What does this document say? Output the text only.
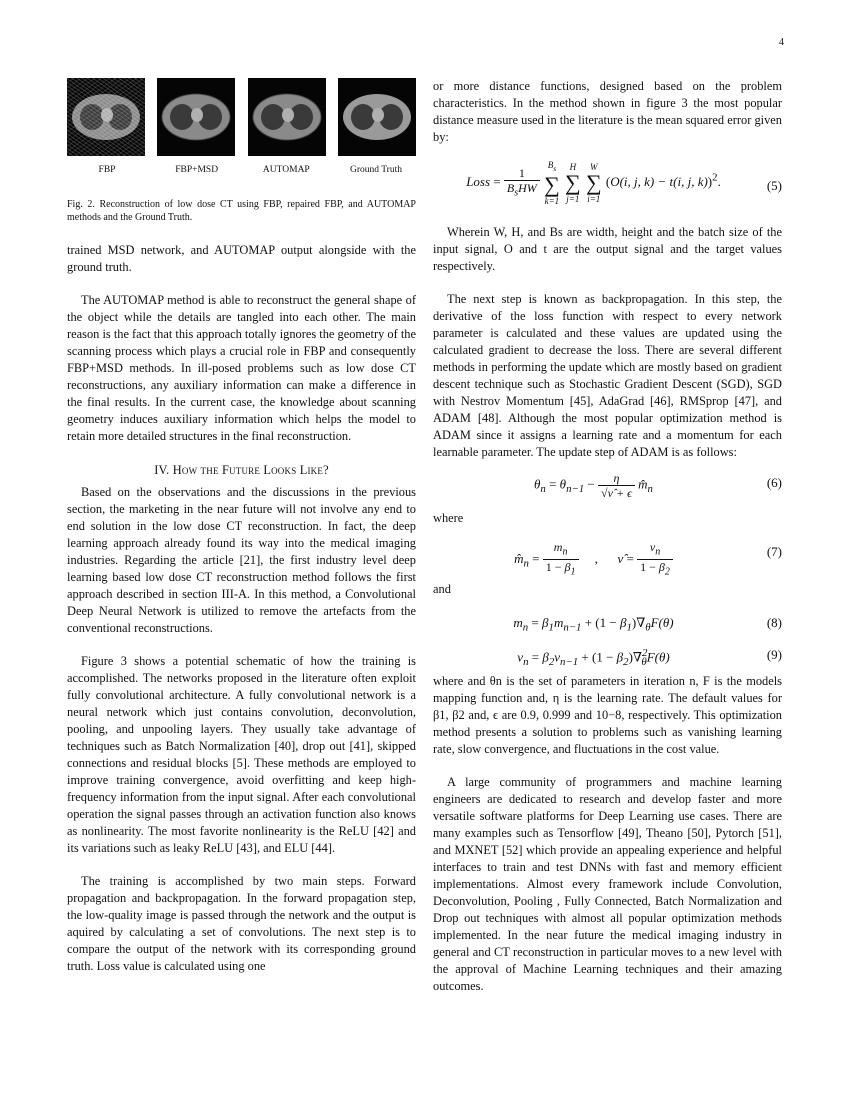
4
FBP	FBP+MSD	AUTOMAP	Ground Truth
Fig. 2. Reconstruction of low dose CT using FBP, repaired FBP, and AUTOMAP methods and the Ground Truth.

trained MSD network, and AUTOMAP output alongside with the ground truth.

The AUTOMAP method is able to reconstruct the general shape of the object while the details are tangled into each other. The main reason is the fact that this approach totally ignores the geometry of the scanning process which plays a crucial role in FBP and consequently FBP+MSD methods. In ill-posed problems such as low dose CT reconstructions, any auxiliary information can make a difference in the final results. In the current case, the knowledge about scanning geometry induces auxiliary information which helps the model to retain more detailed structures in the final reconstruction.

IV. How the Future Looks Like?

Based on the observations and the discussions in the previous section, the marketing in the near future will not involve any end to end solution in the low dose CT reconstruction. In fact, the deep learning approach already found its way into the medical imaging industries. Regarding the article [21], the first industry level deep learning based low dose CT reconstruction method follows the first approach described in section III-A. In this method, a Convolutional Deep Neural Network is utilized to remove the artefacts from the conventional reconstructions.

Figure 3 shows a potential schematic of how the training is accomplished. The networks proposed in the literature often exploit fully convolutional architecture. A fully convolutional network is a neural network which just contains convolution, deconvolution, pooling, and unpooling layers. They usually take advantage of techniques such as Batch Normalization [40], drop out [41], skipped connections and residual blocks [5]. These methods are employed to improve training convergence, avoid overfitting and keep high-frequency information from the input signal. After each convolutional operation the signal passes through an activation function also knows as nonlinearity. The most favorite nonlinearity is the ReLU [42] and its variations such as leaky ReLU [43], and ELU [44].

The training is accomplished by two main steps. Forward propagation and backpropagation. In the forward propagation step, the low-quality image is passed through the network and the output is aquired by calculating a set of convolutions. The next step is to compare the output of the network with its corresponding ground truth. Loss value is calculated using one

or more distance functions, designed based on the problem characteristics. In the method shown in figure 3 the most popular distance measure used in the literature is the mean squared error given by:

Loss = $\frac{1}{B_sHW}$
$B_s$
∑
k=1 H
∑
j=1 W
∑
i=1 (O(i, j, k) − t(i, j, k))$^2$.	(5)

Wherein W, H, and Bs are width, height and the batch size of the input signal, O and t are the output signal and the target values respectively.

The next step is known as backpropagation. In this step, the derivative of the loss function with respect to every network parameter is calculated and these values are updated using the calculated gradient to decrease the loss. There are several different methods in performing the update which are mostly based on gradient descent technique such as Stochastic Gradient Descent (SGD), SGD with Nestrov Momentum [45], AdaGrad [46], RMSprop [47], and ADAM [48]. Although the most popular optimization method is ADAM since it assigns a learning rate and a momentum for each learnable parameter. The update step of ADAM is as follows:

$\theta_n = \theta_{n-1} - \frac{\eta}{√\nû + \epsilon}$ $m̂_n$	(6)
where
$m̂_n = \frac{m_n}{1 - \beta_1}$ ,      ν̂ = $\frac{\nu_n}{1 - \beta_2}$	(7)
and
$m_n = \beta_1m_{n-1} + (1 - \beta_1)\nabla_\theta F(\theta)$	(8)
$\nu_n = \beta_2\nu_{n-1} + (1 - \beta_2)\nabla^2_\theta F(\theta)$	(9)

where and θn is the set of parameters in iteration n, F is the models mapping function and, η is the learning rate. The default values for β1, β2 and, ϵ are 0.9, 0.999 and 10−8, respectively. This optimization method presents a solution to problems such as vanishing learning rate, slow convergence, and fluctuations in the cost value.

A large community of programmers and machine learning engineers are dedicated to research and develop faster and more versatile software platforms for Deep Learning use cases. There are many examples such as Tensorflow [49], Theano [50], Pytorch [51], and MXNET [52] which provide an appealing experience and helpful interfaces to train and test DNNs with fast and memory efficient implementations. Almost every framework include Convolution, Deconvolution, Pooling , Fully Connected, Batch Normalization and Drop out techniques with almost all popular optimization methods implemented. In the near future the medical imaging industry in general and CT reconstruction in particular moves to a new level with the approval of Machine Learning techniques and their amazing outcomes.
